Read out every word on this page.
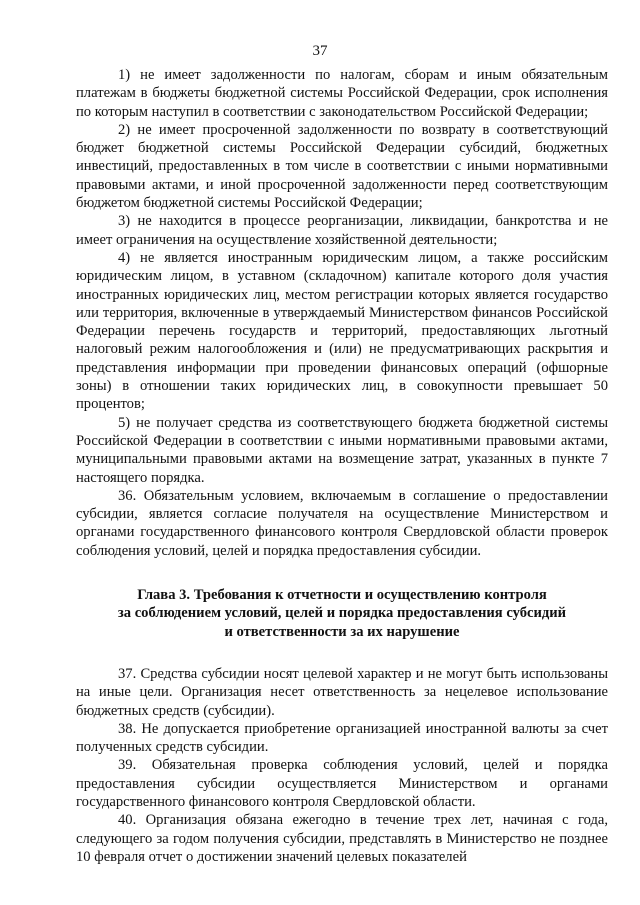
37

1) не имеет задолженности по налогам, сборам и иным обязательным платежам в бюджеты бюджетной системы Российской Федерации, срок исполнения по которым наступил в соответствии с законодательством Российской Федерации;

2) не имеет просроченной задолженности по возврату в соответствующий бюджет бюджетной системы Российской Федерации субсидий, бюджетных инвестиций, предоставленных в том числе в соответствии с иными нормативными правовыми актами, и иной просроченной задолженности перед соответствующим бюджетом бюджетной системы Российской Федерации;

3) не находится в процессе реорганизации, ликвидации, банкротства и не имеет ограничения на осуществление хозяйственной деятельности;

4) не является иностранным юридическим лицом, а также российским юридическим лицом, в уставном (складочном) капитале которого доля участия иностранных юридических лиц, местом регистрации которых является государство или территория, включенные в утверждаемый Министерством финансов Российской Федерации перечень государств и территорий, предоставляющих льготный налоговый режим налогообложения и (или) не предусматривающих раскрытия и представления информации при проведении финансовых операций (офшорные зоны) в отношении таких юридических лиц, в совокупности превышает 50 процентов;

5) не получает средства из соответствующего бюджета бюджетной системы Российской Федерации в соответствии с иными нормативными правовыми актами, муниципальными правовыми актами на возмещение затрат, указанных в пункте 7 настоящего порядка.

36. Обязательным условием, включаемым в соглашение о предоставлении субсидии, является согласие получателя на осуществление Министерством и органами государственного финансового контроля Свердловской области проверок соблюдения условий, целей и порядка предоставления субсидии.

Глава 3. Требования к отчетности и осуществлению контроля
за соблюдением условий, целей и порядка предоставления субсидий
и ответственности за их нарушение

37. Средства субсидии носят целевой характер и не могут быть использованы на иные цели. Организация несет ответственность за нецелевое использование бюджетных средств (субсидии).

38. Не допускается приобретение организацией иностранной валюты за счет полученных средств субсидии.

39. Обязательная проверка соблюдения условий, целей и порядка предоставления субсидии осуществляется Министерством и органами государственного финансового контроля Свердловской области.

40. Организация обязана ежегодно в течение трех лет, начиная с года, следующего за годом получения субсидии, представлять в Министерство не позднее 10 февраля отчет о достижении значений целевых показателей
